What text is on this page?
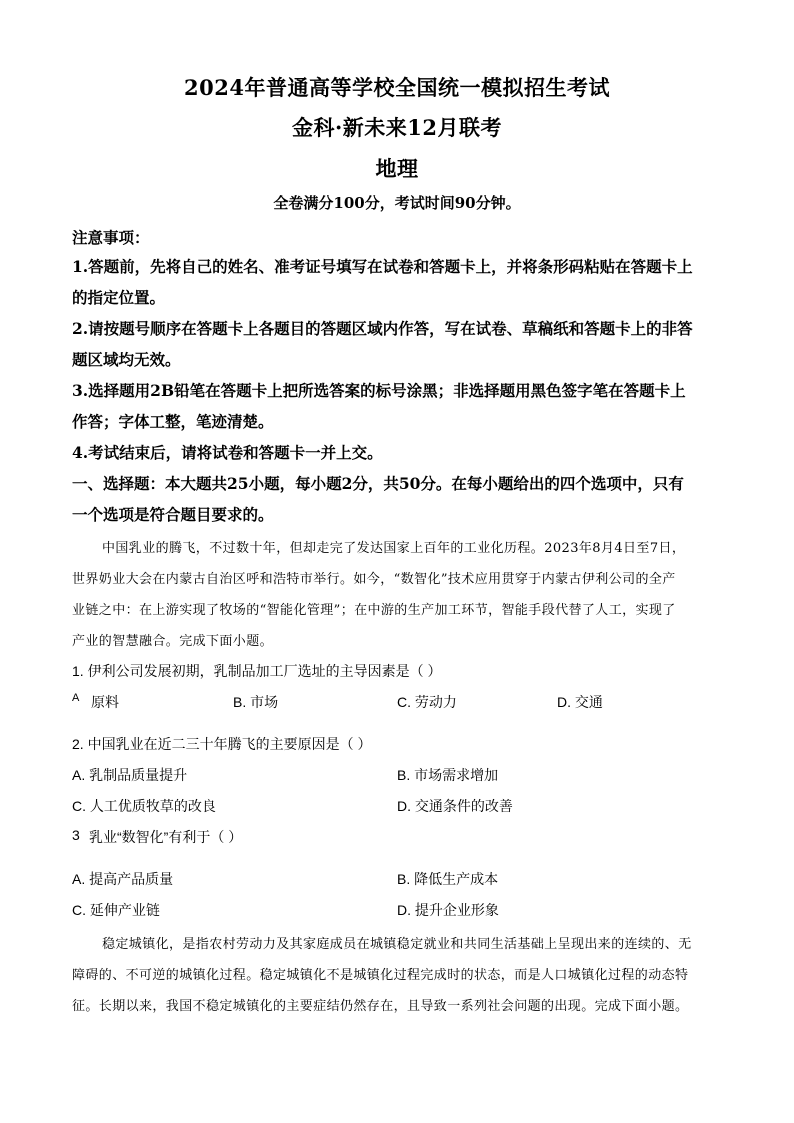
2024年普通高等学校全国统一模拟招生考试
金科·新未来12月联考
地理
全卷满分100分，考试时间90分钟。
注意事项：
1.答题前，先将自己的姓名、准考证号填写在试卷和答题卡上，并将条形码粘贴在答题卡上
的指定位置。
2.请按题号顺序在答题卡上各题目的答题区域内作答，写在试卷、草稿纸和答题卡上的非答
题区域均无效。
3.选择题用2B铅笔在答题卡上把所选答案的标号涂黑；非选择题用黑色签字笔在答题卡上
作答；字体工整，笔迹清楚。
4.考试结束后，请将试卷和答题卡一并上交。
一、选择题：本大题共25小题，每小题2分，共50分。在每小题给出的四个选项中，只有
一个选项是符合题目要求的。
中国乳业的腾飞，不过数十年，但却走完了发达国家上百年的工业化历程。2023年8月4日至7日，
世界奶业大会在内蒙古自治区呼和浩特市举行。如今，“数智化”技术应用贯穿于内蒙古伊利公司的全产
业链之中：在上游实现了牧场的“智能化管理”；在中游的生产加工环节，智能手段代替了人工，实现了
产业的智慧融合。完成下面小题。
1. 伊利公司发展初期，乳制品加工厂选址的主导因素是（ ）
A 原料	B. 市场	C. 劳动力	D. 交通
2. 中国乳业在近二三十年腾飞的主要原因是（ ）
A. 乳制品质量提升	B. 市场需求增加
C. 人工优质牧草的改良	D. 交通条件的改善
3 乳业“数智化”有利于（ ）
A. 提高产品质量	B. 降低生产成本
C. 延伸产业链	D. 提升企业形象
稳定城镇化，是指农村劳动力及其家庭成员在城镇稳定就业和共同生活基础上呈现出来的连续的、无
障碍的、不可逆的城镇化过程。稳定城镇化不是城镇化过程完成时的状态，而是人口城镇化过程的动态特
征。长期以来，我国不稳定城镇化的主要症结仍然存在，且导致一系列社会问题的出现。完成下面小题。
